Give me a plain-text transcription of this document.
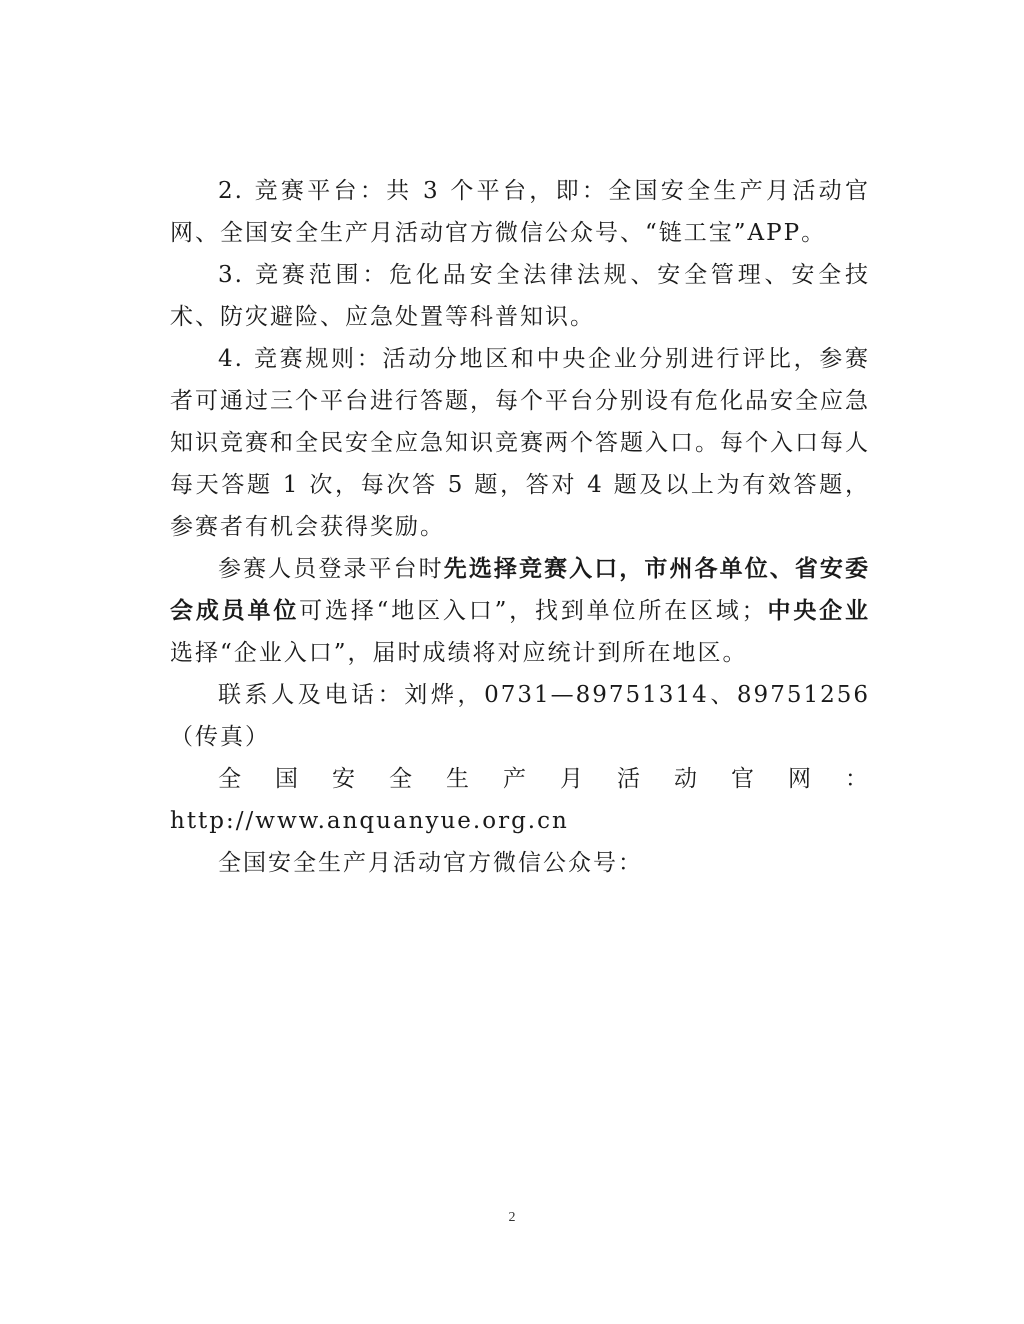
2. 竞赛平台：共 3 个平台，即：全国安全生产月活动官网、全国安全生产月活动官方微信公众号、“链工宝”APP。

3. 竞赛范围：危化品安全法律法规、安全管理、安全技术、防灾避险、应急处置等科普知识。

4. 竞赛规则：活动分地区和中央企业分别进行评比，参赛者可通过三个平台进行答题，每个平台分别设有危化品安全应急知识竞赛和全民安全应急知识竞赛两个答题入口。每个入口每人每天答题 1 次，每次答 5 题，答对 4 题及以上为有效答题，参赛者有机会获得奖励。

参赛人员登录平台时先选择竞赛入口，市州各单位、省安委会成员单位可选择“地区入口”，找到单位所在区域；中央企业选择“企业入口”，届时成绩将对应统计到所在地区。

联系人及电话：刘烨，0731—89751314、89751256（传真）

全国安全生产月活动官网：http://www.anquanyue.org.cn

全国安全生产月活动官方微信公众号：

2
